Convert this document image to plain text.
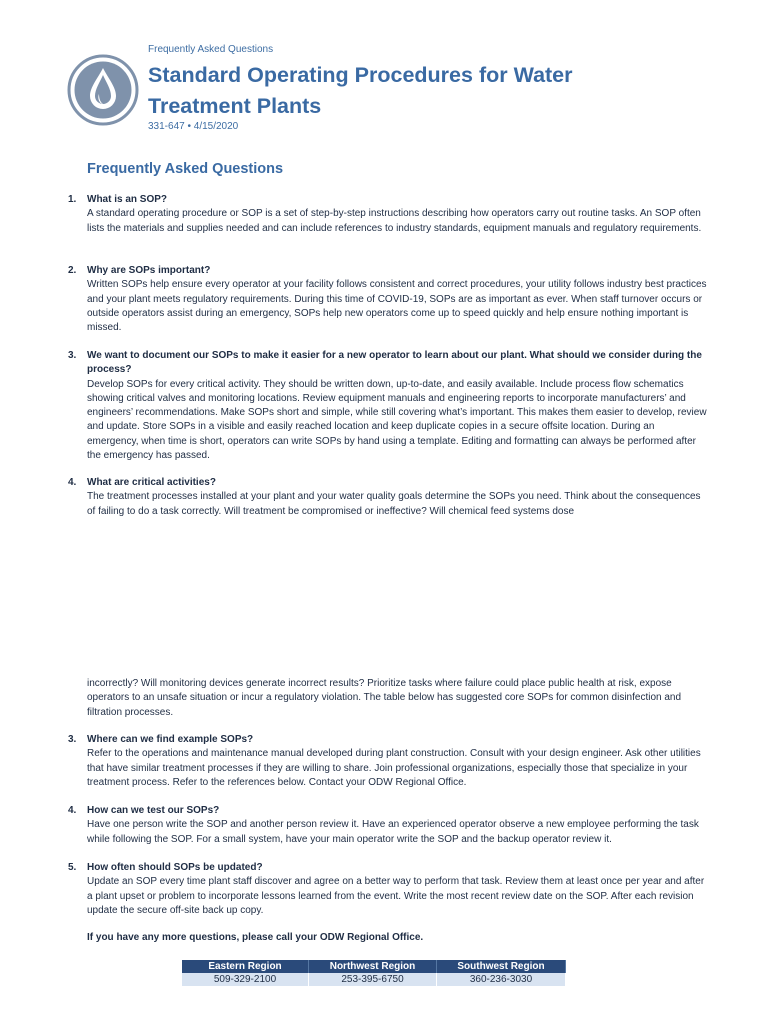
Frequently Asked Questions
Standard Operating Procedures for Water Treatment Plants
331-647 • 4/15/2020
Frequently Asked Questions
1. What is an SOP?
A standard operating procedure or SOP is a set of step-by-step instructions describing how operators carry out routine tasks. An SOP often lists the materials and supplies needed and can include references to industry standards, equipment manuals and regulatory requirements.
2. Why are SOPs important?
Written SOPs help ensure every operator at your facility follows consistent and correct procedures, your utility follows industry best practices and your plant meets regulatory requirements. During this time of COVID-19, SOPs are as important as ever. When staff turnover occurs or outside operators assist during an emergency, SOPs help new operators come up to speed quickly and help ensure nothing important is missed.
3. We want to document our SOPs to make it easier for a new operator to learn about our plant. What should we consider during the process?
Develop SOPs for every critical activity. They should be written down, up-to-date, and easily available. Include process flow schematics showing critical valves and monitoring locations. Review equipment manuals and engineering reports to incorporate manufacturers’ and engineers’ recommendations. Make SOPs short and simple, while still covering what’s important. This makes them easier to develop, review and update. Store SOPs in a visible and easily reached location and keep duplicate copies in a secure offsite location. During an emergency, when time is short, operators can write SOPs by hand using a template. Editing and formatting can always be performed after the emergency has passed.
4. What are critical activities?
The treatment processes installed at your plant and your water quality goals determine the SOPs you need. Think about the consequences of failing to do a task correctly. Will treatment be compromised or ineffective? Will chemical feed systems dose
incorrectly? Will monitoring devices generate incorrect results? Prioritize tasks where failure could place public health at risk, expose operators to an unsafe situation or incur a regulatory violation. The table below has suggested core SOPs for common disinfection and filtration processes.
3. Where can we find example SOPs?
Refer to the operations and maintenance manual developed during plant construction. Consult with your design engineer. Ask other utilities that have similar treatment processes if they are willing to share. Join professional organizations, especially those that specialize in your treatment process. Refer to the references below. Contact your ODW Regional Office.
4. How can we test our SOPs?
Have one person write the SOP and another person review it. Have an experienced operator observe a new employee performing the task while following the SOP. For a small system, have your main operator write the SOP and the backup operator review it.
5. How often should SOPs be updated?
Update an SOP every time plant staff discover and agree on a better way to perform that task. Review them at least once per year and after a plant upset or problem to incorporate lessons learned from the event. Write the most recent review date on the SOP. After each revision update the secure off-site back up copy.
If you have any more questions, please call your ODW Regional Office.
Eastern Region	Northwest Region	Southwest Region
509-329-2100	253-395-6750	360-236-3030
